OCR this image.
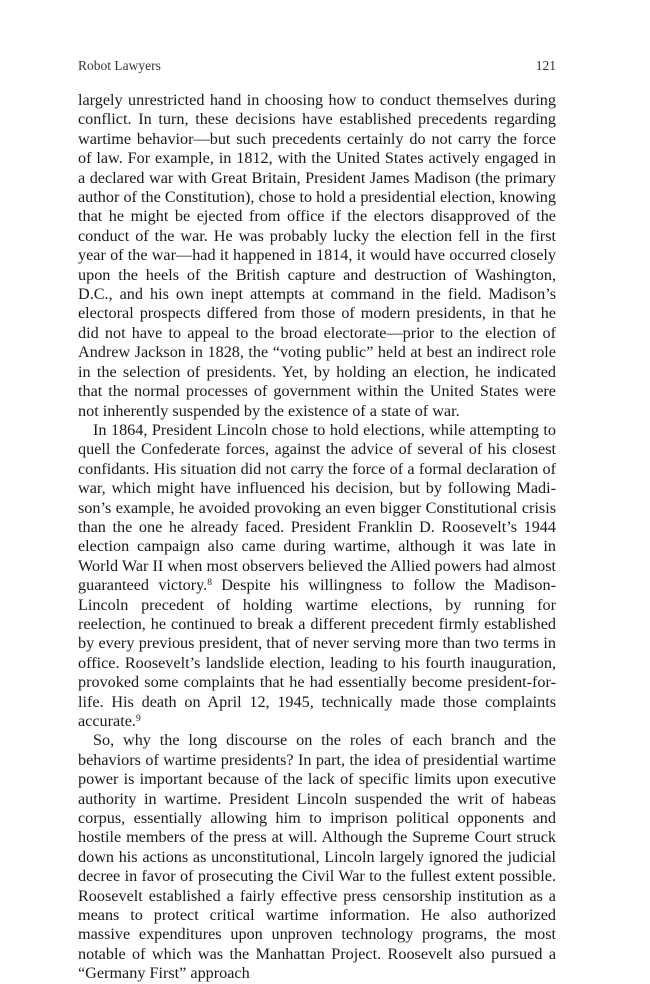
Robot Lawyers	121

largely unrestricted hand in choosing how to conduct themselves during conflict. In turn, these decisions have established precedents regarding wartime behavior—but such precedents certainly do not carry the force of law. For example, in 1812, with the United States actively engaged in a declared war with Great Britain, President James Madison (the primary author of the Constitution), chose to hold a presidential election, knowing that he might be ejected from office if the electors disapproved of the conduct of the war. He was probably lucky the election fell in the first year of the war—had it happened in 1814, it would have occurred closely upon the heels of the British capture and destruction of Washington, D.C., and his own inept attempts at command in the field. Madison’s electoral prospects differed from those of modern presidents, in that he did not have to appeal to the broad electorate—prior to the election of Andrew Jackson in 1828, the “voting public” held at best an indirect role in the selection of presidents. Yet, by holding an election, he indicated that the normal processes of government within the United States were not inherently suspended by the existence of a state of war.

In 1864, President Lincoln chose to hold elections, while attempting to quell the Confederate forces, against the advice of several of his closest confidants. His situation did not carry the force of a formal declaration of war, which might have influenced his decision, but by following Madison’s example, he avoided provoking an even bigger Constitutional crisis than the one he already faced. President Franklin D. Roosevelt’s 1944 election campaign also came during wartime, although it was late in World War II when most observers believed the Allied powers had almost guaranteed victory.$^8$ Despite his willingness to follow the Madison-Lincoln precedent of holding wartime elections, by running for reelection, he continued to break a different precedent firmly established by every previous president, that of never serving more than two terms in office. Roosevelt’s landslide election, leading to his fourth inauguration, provoked some complaints that he had essentially become president-for-life. His death on April 12, 1945, technically made those complaints accurate.$^9$

So, why the long discourse on the roles of each branch and the behaviors of wartime presidents? In part, the idea of presidential wartime power is important because of the lack of specific limits upon executive authority in wartime. President Lincoln suspended the writ of habeas corpus, essentially allowing him to imprison political opponents and hostile members of the press at will. Although the Supreme Court struck down his actions as unconstitutional, Lincoln largely ignored the judicial decree in favor of prosecuting the Civil War to the fullest extent possible. Roosevelt established a fairly effective press censorship institution as a means to protect critical wartime information. He also authorized massive expenditures upon unproven technology programs, the most notable of which was the Manhattan Project. Roosevelt also pursued a “Germany First” approach
